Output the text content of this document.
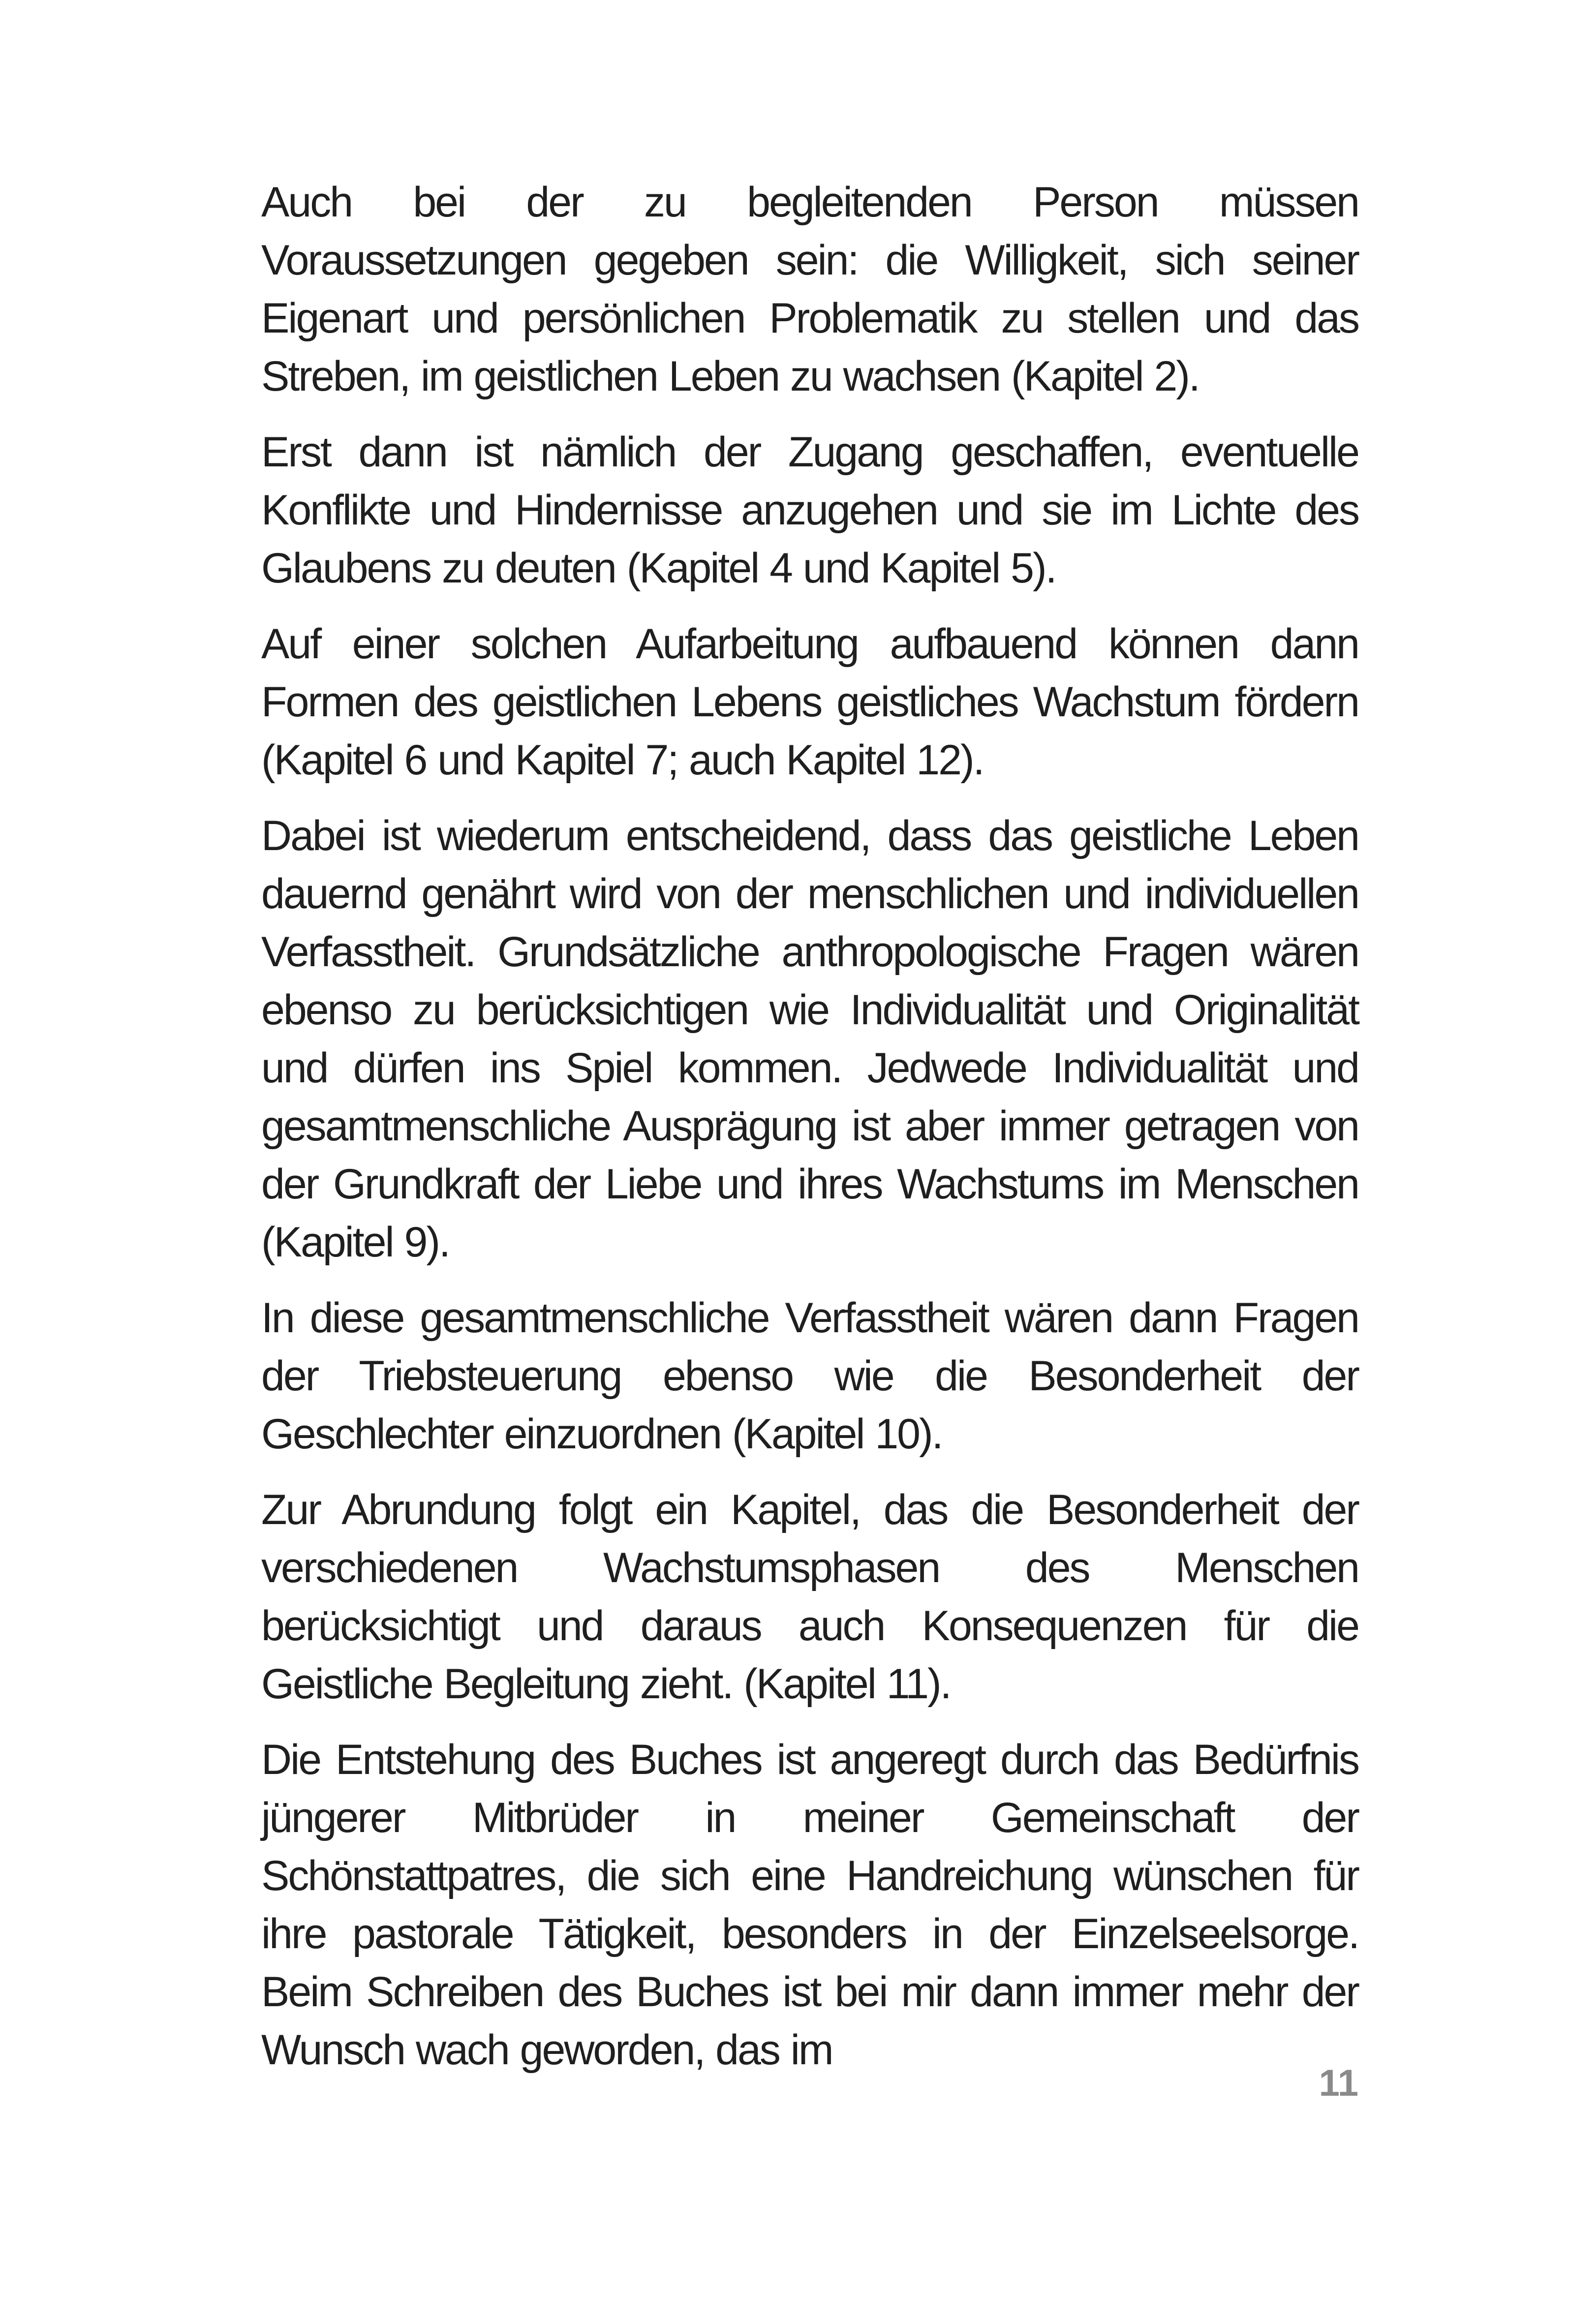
Auch bei der zu begleitenden Person müssen Voraussetzungen gegeben sein: die Willigkeit, sich seiner Eigenart und persönlichen Problematik zu stellen und das Streben, im geistlichen Leben zu wachsen (Kapitel 2).

Erst dann ist nämlich der Zugang geschaffen, eventuelle Konflikte und Hindernisse anzugehen und sie im Lichte des Glaubens zu deuten (Kapitel 4 und Kapitel 5).

Auf einer solchen Aufarbeitung aufbauend können dann Formen des geistlichen Lebens geistliches Wachstum fördern (Kapitel 6 und Kapitel 7; auch Kapitel 12).

Dabei ist wiederum entscheidend, dass das geistliche Leben dauernd genährt wird von der menschlichen und individuellen Verfasstheit. Grundsätzliche anthropologische Fragen wären ebenso zu berücksichtigen wie Individualität und Originalität und dürfen ins Spiel kommen. Jedwede Individualität und gesamtmenschliche Ausprägung ist aber immer getragen von der Grundkraft der Liebe und ihres Wachstums im Menschen (Kapitel 9).

In diese gesamtmenschliche Verfasstheit wären dann Fragen der Triebsteuerung ebenso wie die Besonderheit der Geschlechter einzuordnen (Kapitel 10).

Zur Abrundung folgt ein Kapitel, das die Besonderheit der verschiedenen Wachstumsphasen des Menschen berücksichtigt und daraus auch Konsequenzen für die Geistliche Begleitung zieht. (Kapitel 11).

Die Entstehung des Buches ist angeregt durch das Bedürfnis jüngerer Mitbrüder in meiner Gemeinschaft der Schönstattpatres, die sich eine Handreichung wünschen für ihre pastorale Tätigkeit, besonders in der Einzelseelsorge. Beim Schreiben des Buches ist bei mir dann immer mehr der Wunsch wach geworden, das im

11
